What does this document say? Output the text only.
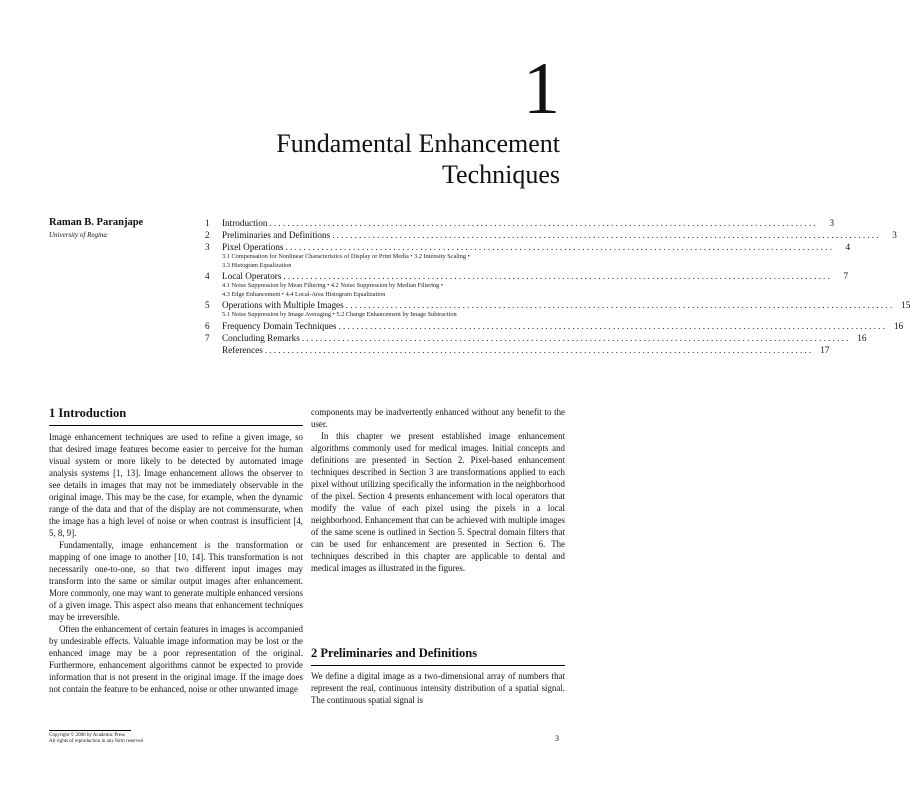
1
Fundamental Enhancement
Techniques
Raman B. Paranjape
University of Regina
1	Introduction ..........................................................................................................................	3
2	Preliminaries and Definitions ..........................................................................................................................	3
3	Pixel Operations ..........................................................................................................................	4
3.1 Compensation for Nonlinear Characteristics of Display or Print Media • 3.2 Intensity Scaling •
3.3 Histogram Equalization
4	Local Operators ..........................................................................................................................	7
4.1 Noise Suppression by Mean Filtering • 4.2 Noise Suppression by Median Filtering •
4.3 Edge Enhancement • 4.4 Local-Area Histogram Equalization
5	Operations with Multiple Images .......................................................................................................................... 15
5.1 Noise Suppression by Image Averaging • 5.2 Change Enhancement by Image Subtraction
6	Frequency Domain Techniques .......................................................................................................................... 16
7	Concluding Remarks .......................................................................................................................... 16
References .......................................................................................................................... 17
1 Introduction

Image enhancement techniques are used to refine a given image, so that desired image features become easier to perceive for the human visual system or more likely to be detected by automated image analysis systems [1, 13]. Image enhancement allows the observer to see details in images that may not be immediately observable in the original image. This may be the case, for example, when the dynamic range of the data and that of the display are not commensurate, when the image has a high level of noise or when contrast is insufficient [4, 5, 8, 9].

Fundamentally, image enhancement is the transformation or mapping of one image to another [10, 14]. This transformation is not necessarily one-to-one, so that two different input images may transform into the same or similar output images after enhancement. More commonly, one may want to generate multiple enhanced versions of a given image. This aspect also means that enhancement techniques may be irreversible.

Often the enhancement of certain features in images is accompanied by undesirable effects. Valuable image information may be lost or the enhanced image may be a poor representation of the original. Furthermore, enhancement algorithms cannot be expected to provide information that is not present in the original image. If the image does not contain the feature to be enhanced, noise or other unwanted image

components may be inadvertently enhanced without any benefit to the user.

In this chapter we present established image enhancement algorithms commonly used for medical images. Initial concepts and definitions are presented in Section 2. Pixel-based enhancement techniques described in Section 3 are transformations applied to each pixel without utilizing specifically the information in the neighborhood of the pixel. Section 4 presents enhancement with local operators that modify the value of each pixel using the pixels in a local neighborhood. Enhancement that can be achieved with multiple images of the same scene is outlined in Section 5. Spectral domain filters that can be used for enhancement are presented in Section 6. The techniques described in this chapter are applicable to dental and medical images as illustrated in the figures.

2 Preliminaries and Definitions

We define a digital image as a two-dimensional array of numbers that represent the real, continuous intensity distribution of a spatial signal. The continuous spatial signal is

Copyright © 2000 by Academic Press
All rights of reproduction in any form reserved	3
